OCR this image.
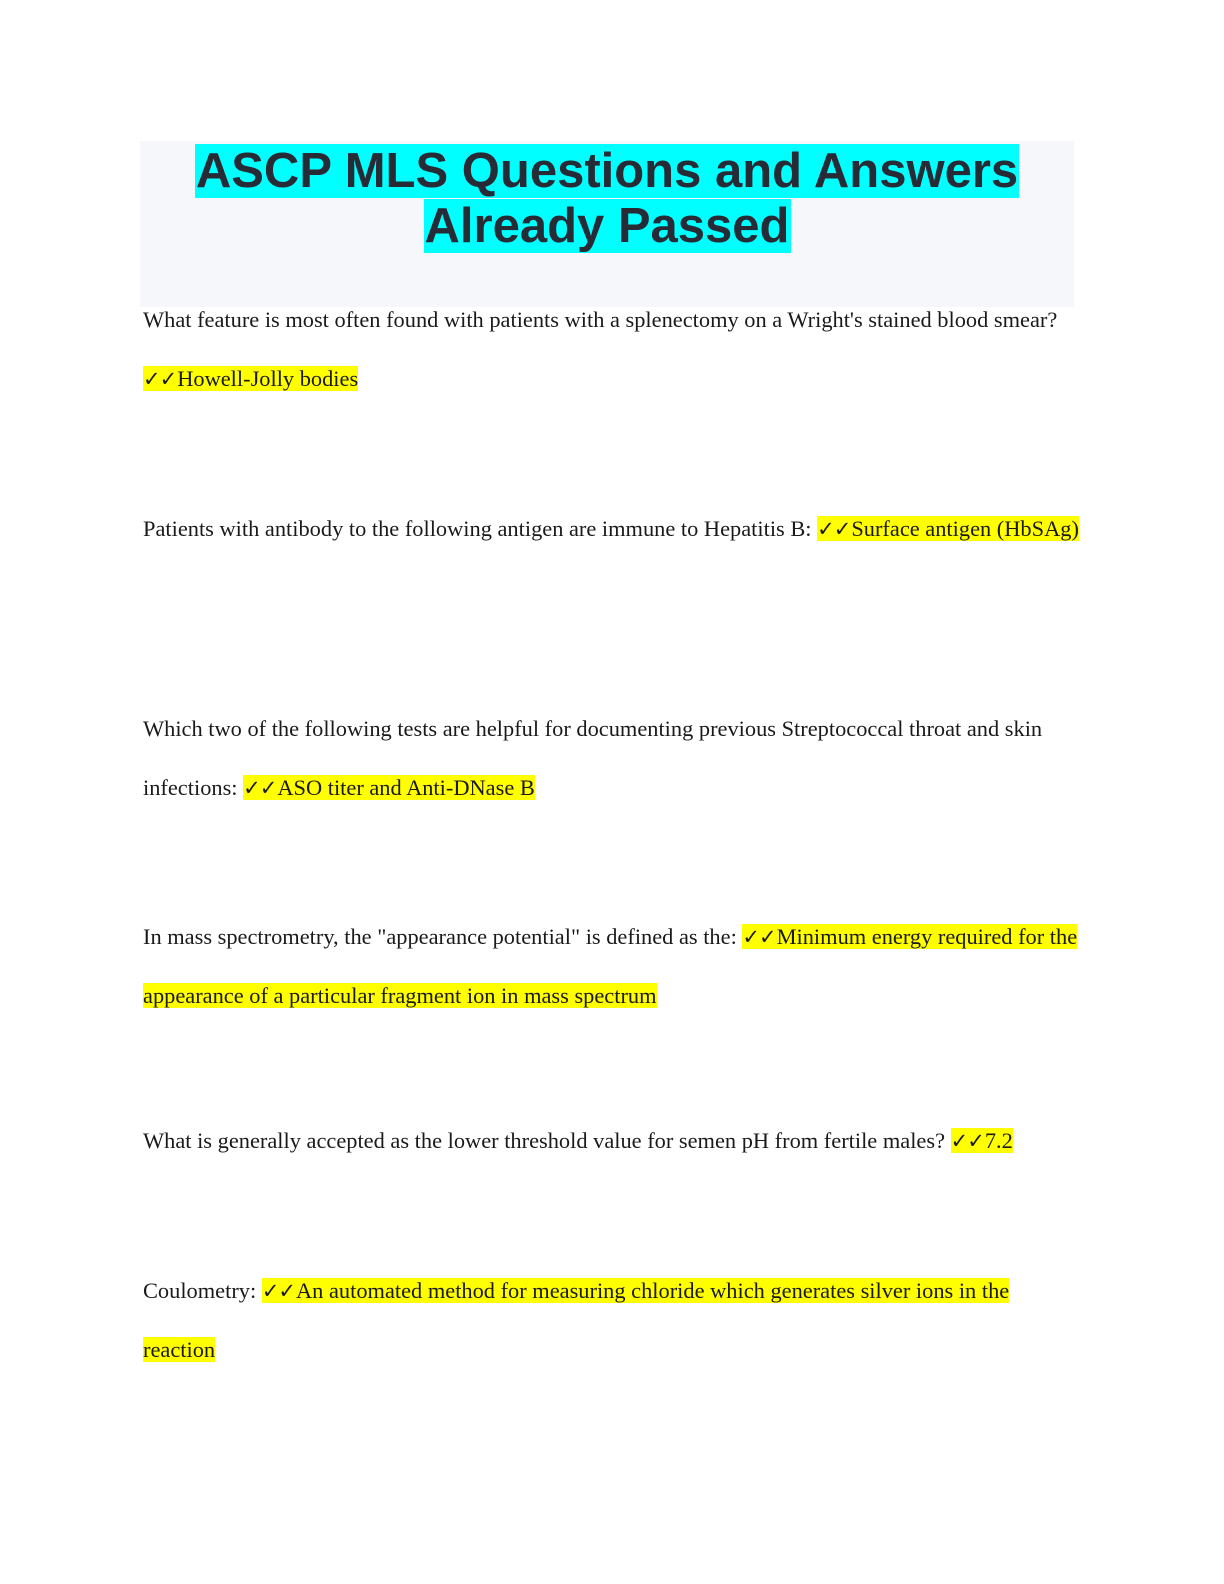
ASCP MLS Questions and Answers
Already Passed

What feature is most often found with patients with a splenectomy on a Wright's stained blood smear? ✓✓Howell-Jolly bodies

Patients with antibody to the following antigen are immune to Hepatitis B: ✓✓Surface antigen (HbSAg)

Which two of the following tests are helpful for documenting previous Streptococcal throat and skin infections: ✓✓ASO titer and Anti-DNase B

In mass spectrometry, the "appearance potential" is defined as the: ✓✓Minimum energy required for the appearance of a particular fragment ion in mass spectrum

What is generally accepted as the lower threshold value for semen pH from fertile males? ✓✓7.2

Coulometry: ✓✓An automated method for measuring chloride which generates silver ions in the reaction
